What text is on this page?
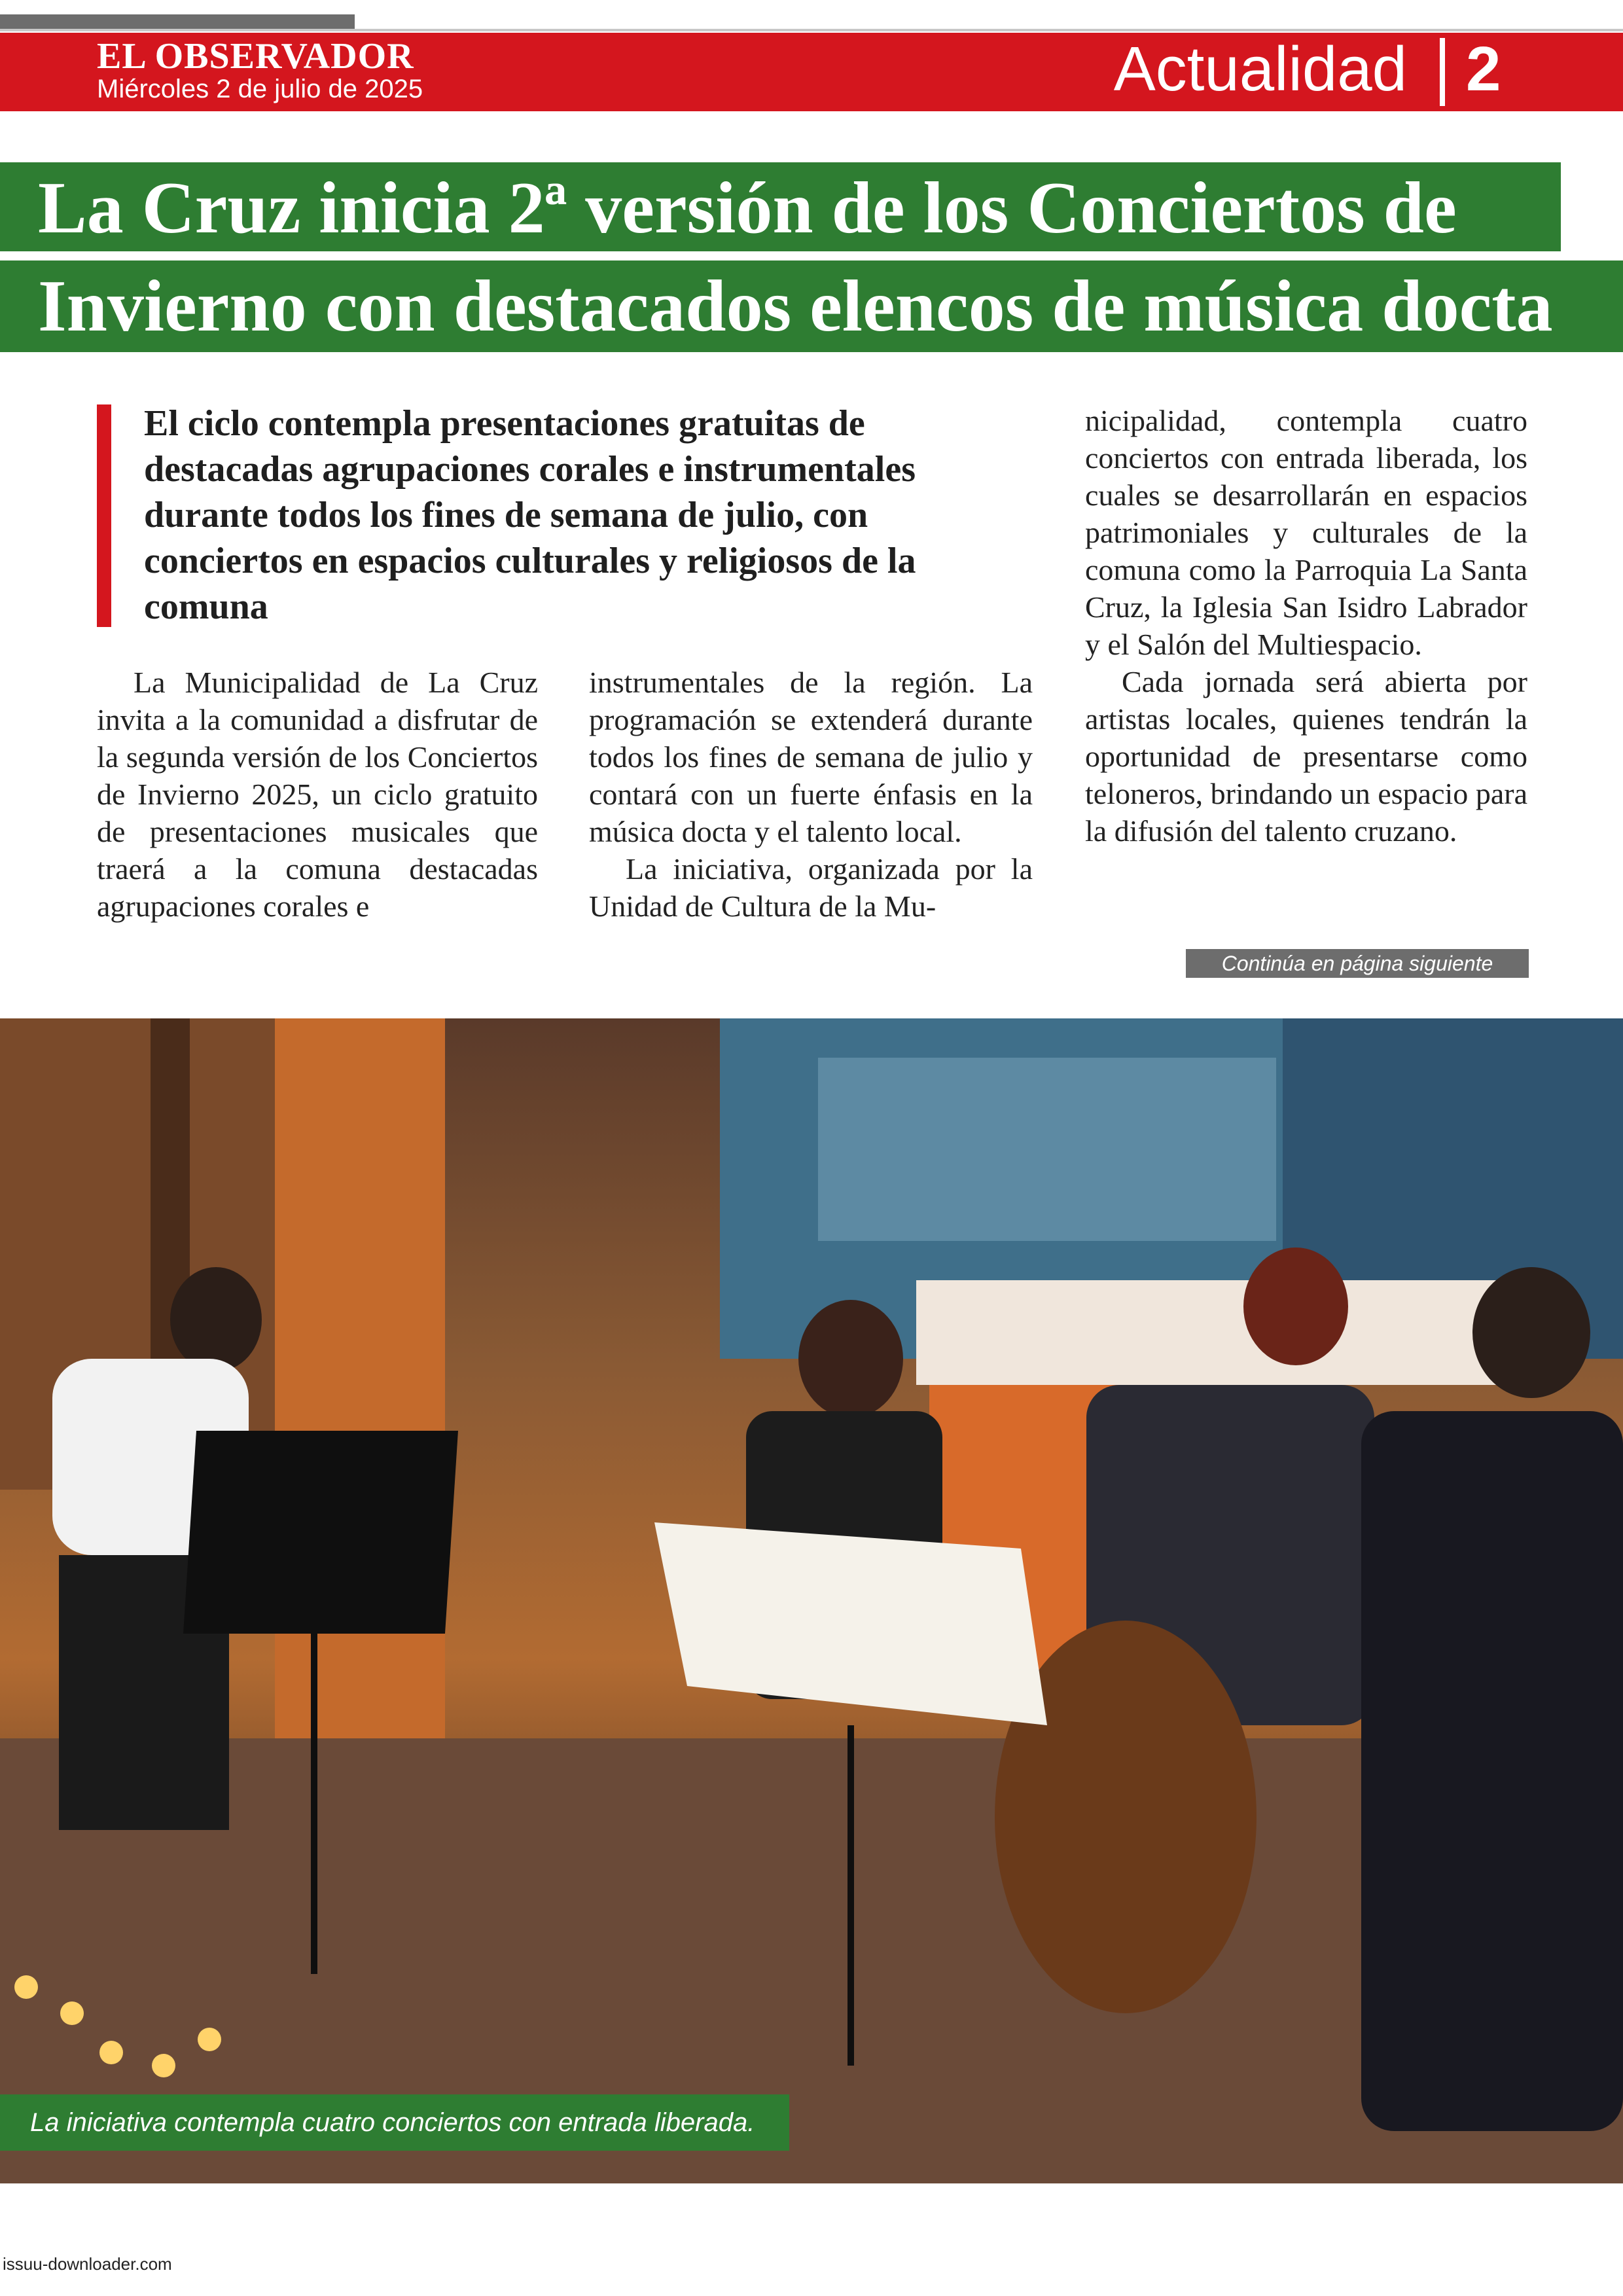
EL OBSERVADOR
Miércoles 2 de julio de 2025	Actualidad 2
La Cruz inicia 2ª versión de los Conciertos de
Invierno con destacados elencos de música docta
El ciclo contempla presentaciones gratuitas de destacadas agrupaciones corales e instrumentales durante todos los fines de semana de julio, con conciertos en espacios culturales y religiosos de la comuna

La Municipalidad de La Cruz invita a la comunidad a disfrutar de la segunda versión de los Conciertos de Invierno 2025, un ciclo gratuito de presentaciones musicales que traerá a la comuna destacadas agrupaciones corales e

instrumentales de la región. La programación se extenderá durante todos los fines de semana de julio y contará con un fuerte énfasis en la música docta y el talento local.

La iniciativa, organizada por la Unidad de Cultura de la Mu-

nicipalidad, contempla cuatro conciertos con entrada liberada, los cuales se desarrollarán en espacios patrimoniales y culturales de la comuna como la Parroquia La Santa Cruz, la Iglesia San Isidro Labrador y el Salón del Multiespacio.

Cada jornada será abierta por artistas locales, quienes tendrán la oportunidad de presentarse como teloneros, brindando un espacio para la difusión del talento cruzano.

Continúa en página siguiente
La iniciativa contempla cuatro conciertos con entrada liberada.
issuu-downloader.com
